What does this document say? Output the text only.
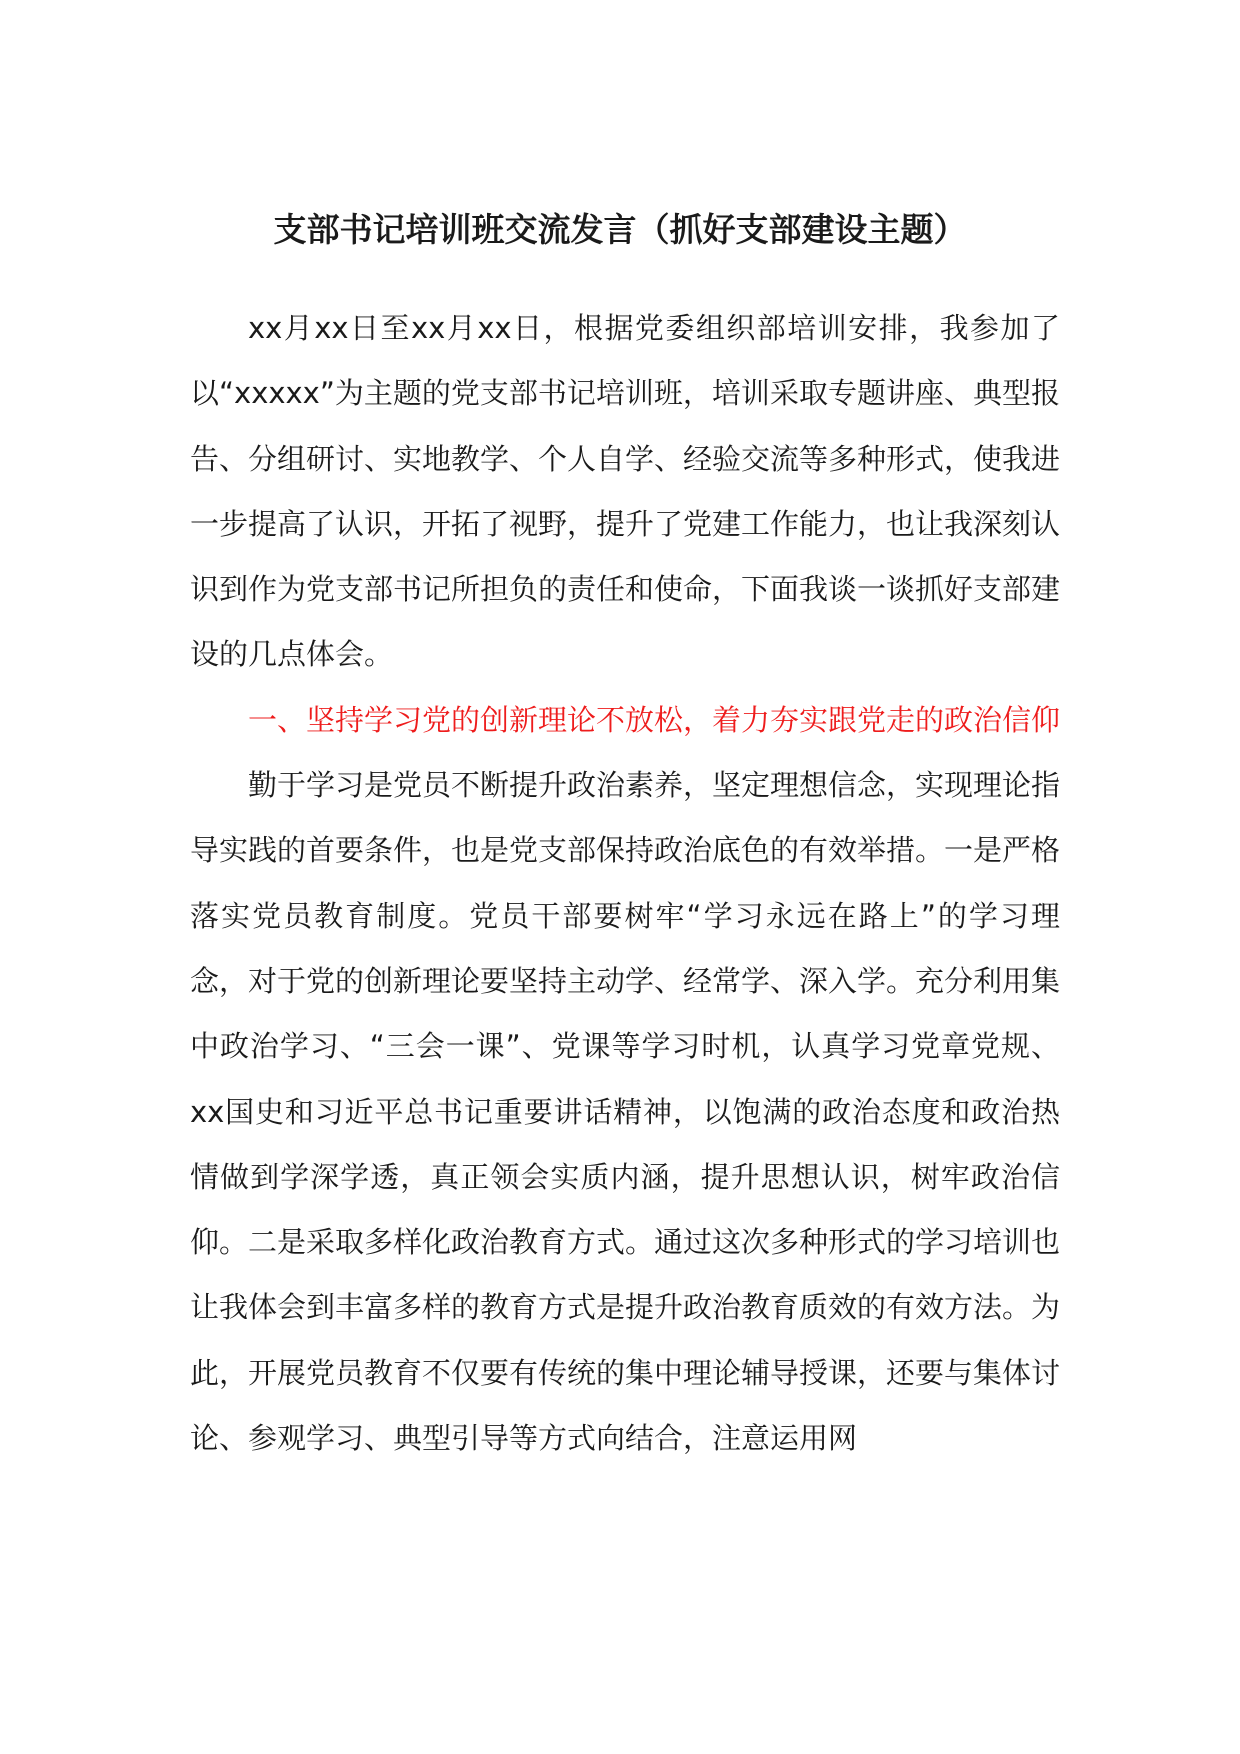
支部书记培训班交流发言（抓好支部建设主题）

xx月xx日至xx月xx日，根据党委组织部培训安排，我参加了以“xxxxx”为主题的党支部书记培训班，培训采取专题讲座、典型报告、分组研讨、实地教学、个人自学、经验交流等多种形式，使我进一步提高了认识，开拓了视野，提升了党建工作能力，也让我深刻认识到作为党支部书记所担负的责任和使命，下面我谈一谈抓好支部建设的几点体会。

一、坚持学习党的创新理论不放松，着力夯实跟党走的政治信仰

勤于学习是党员不断提升政治素养，坚定理想信念，实现理论指导实践的首要条件，也是党支部保持政治底色的有效举措。一是严格落实党员教育制度。党员干部要树牢“学习永远在路上”的学习理念，对于党的创新理论要坚持主动学、经常学、深入学。充分利用集中政治学习、“三会一课”、党课等学习时机，认真学习党章党规、xx国史和习近平总书记重要讲话精神，以饱满的政治态度和政治热情做到学深学透，真正领会实质内涵，提升思想认识，树牢政治信仰。二是采取多样化政治教育方式。通过这次多种形式的学习培训也让我体会到丰富多样的教育方式是提升政治教育质效的有效方法。为此，开展党员教育不仅要有传统的集中理论辅导授课，还要与集体讨论、参观学习、典型引导等方式向结合，注意运用网
